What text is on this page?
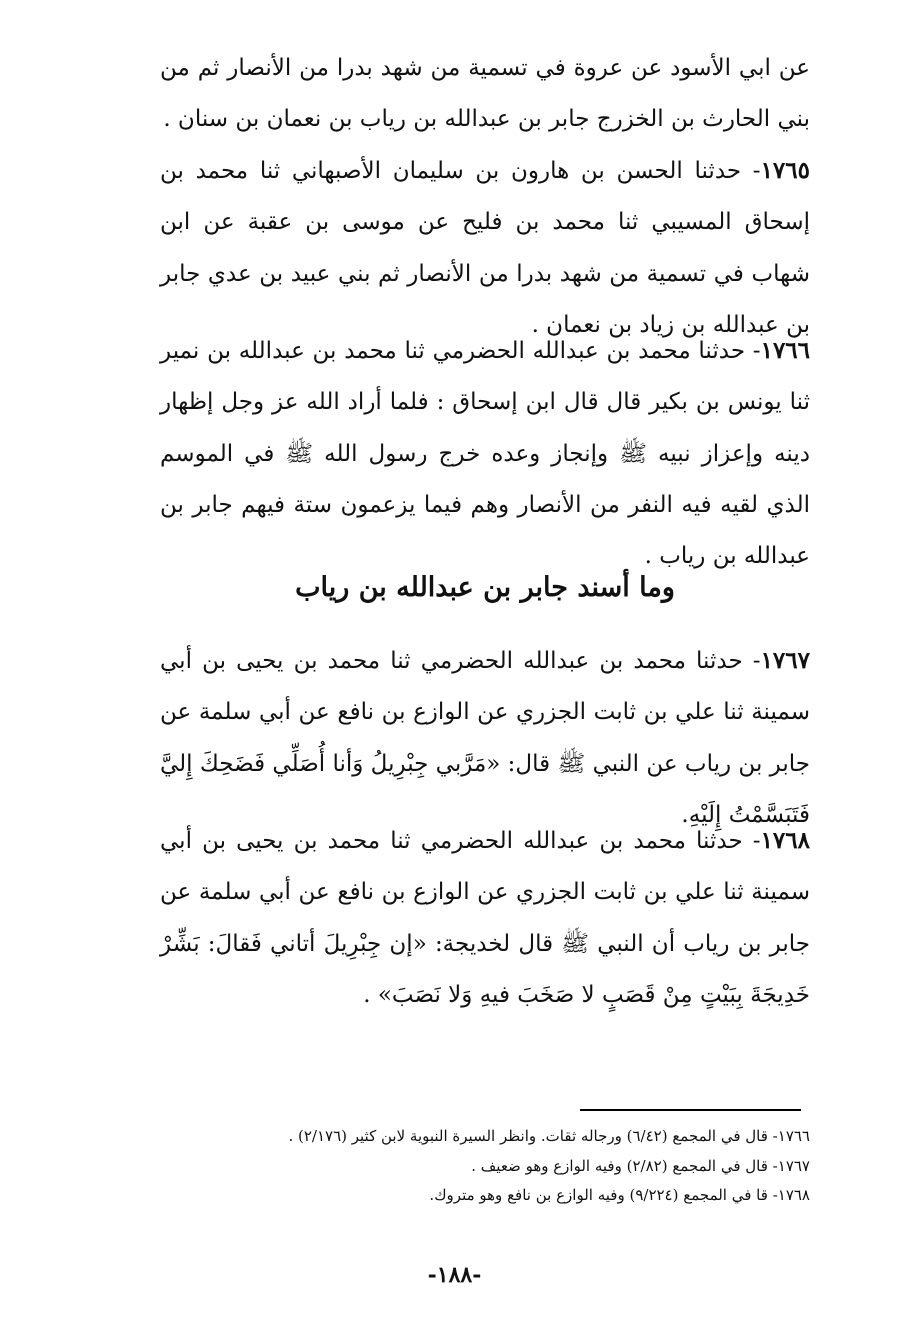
عن ابي الأسود عن عروة في تسمية من شهد بدرا من الأنصار ثم من بني الحارث بن الخزرج جابر بن عبدالله بن رياب بن نعمان بن سنان .

١٧٦٥- حدثنا الحسن بن هارون بن سليمان الأصبهاني ثنا محمد بن إسحاق المسيبي ثنا محمد بن فليح عن موسى بن عقبة عن ابن شهاب في تسمية من شهد بدرا من الأنصار ثم بني عبيد بن عدي جابر بن عبدالله بن زياد بن نعمان .

١٧٦٦- حدثنا محمد بن عبدالله الحضرمي ثنا محمد بن عبدالله بن نمير ثنا يونس بن بكير قال قال ابن إسحاق : فلما أراد الله عز وجل إظهار دينه وإعزاز نبيه ﷺ وإنجاز وعده خرج رسول الله ﷺ في الموسم الذي لقيه فيه النفر من الأنصار وهم فيما يزعمون ستة فيهم جابر بن عبدالله بن رياب .

وما أسند جابر بن عبدالله بن رياب

١٧٦٧- حدثنا محمد بن عبدالله الحضرمي ثنا محمد بن يحيى بن أبي سمينة ثنا علي بن ثابت الجزري عن الوازع بن نافع عن أبي سلمة عن جابر بن رياب عن النبي ﷺ قال: «مَرَّبي جِبْرِيلُ وَأنا أُصَلِّي فَضَحِكَ إِليَّ فَتَبَسَّمْتُ إِلَيْهِ.

١٧٦٨- حدثنا محمد بن عبدالله الحضرمي ثنا محمد بن يحيى بن أبي سمينة ثنا علي بن ثابت الجزري عن الوازع بن نافع عن أبي سلمة عن جابر بن رياب أن النبي ﷺ قال لخديجة: «إن جِبْرِيلَ أتاني فَقالَ: بَشِّرْ خَدِيجَةَ بِبَيْتٍ مِنْ قَصَبٍ لا صَخَبَ فيهِ وَلا نَصَبَ» .

١٧٦٦- قال في المجمع (٦/٤٢) ورجاله ثقات. وانظر السيرة النبوية لابن كثير (٢/١٧٦) .

١٧٦٧- قال في المجمع (٢/٨٢) وفيه الوازع وهو ضعيف .

١٧٦٨- قا في المجمع (٩/٢٢٤) وفيه الوازع بن نافع وهو متروك.

-١٨٨-
